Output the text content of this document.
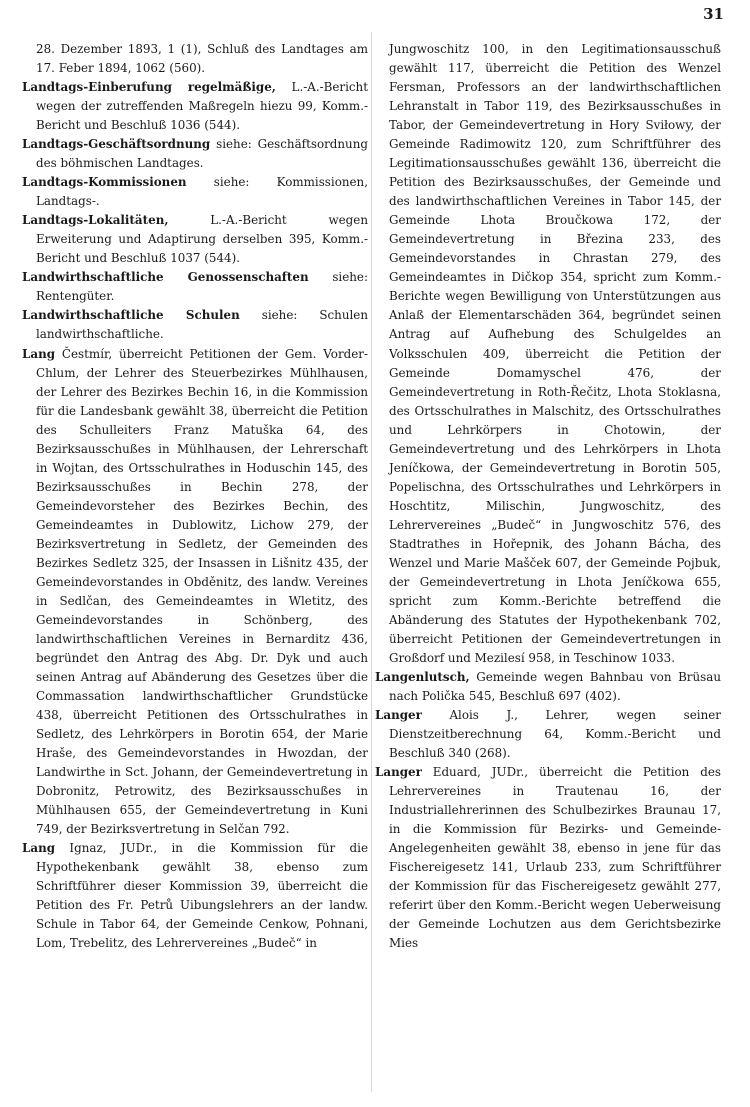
31

28. Dezember 1893, 1 (1), Schluß des Landtages am 17. Feber 1894, 1062 (560).

Landtags-Einberufung regelmäßige, L.-A.-Bericht wegen der zutreffenden Maßregeln hiezu 99, Komm.-Bericht und Beschluß 1036 (544).

Landtags-Geschäftsordnung siehe: Geschäftsordnung des böhmischen Landtages.

Landtags-Kommissionen siehe: Kommissionen, Landtags-.

Landtags-Lokalitäten, L.-A.-Bericht wegen Erweiterung und Adaptirung derselben 395, Komm.-Bericht und Beschluß 1037 (544).

Landwirthschaftliche Genossenschaften siehe: Rentengüter.

Landwirthschaftliche Schulen siehe: Schulen landwirthschaftliche.

Lang Čestmír, überreicht Petitionen der Gem. Vorder-Chlum, der Lehrer des Steuerbezirkes Mühlhausen, der Lehrer des Bezirkes Bechin 16, in die Kommission für die Landesbank gewählt 38, überreicht die Petition des Schulleiters Franz Matuška 64, des Bezirksausschußes in Mühlhausen, der Lehrerschaft in Wojtan, des Ortsschulrathes in Hoduschin 145, des Bezirksausschußes in Bechin 278, der Gemeindevorsteher des Bezirkes Bechin, des Gemeindeamtes in Dublowitz, Lichow 279, der Bezirksvertretung in Sedletz, der Gemeinden des Bezirkes Sedletz 325, der Insassen in Lišnitz 435, der Gemeindevorstandes in Obděnitz, des landw. Vereines in Sedlčan, des Gemeindeamtes in Wletitz, des Gemeindevorstandes in Schönberg, des landwirthschaftlichen Vereines in Bernarditz 436, begründet den Antrag des Abg. Dr. Dyk und auch seinen Antrag auf Abänderung des Gesetzes über die Commassation landwirthschaftlicher Grundstücke 438, überreicht Petitionen des Ortsschulrathes in Sedletz, des Lehrkörpers in Borotin 654, der Marie Hraše, des Gemeindevorstandes in Hwozdan, der Landwirthe in Sct. Johann, der Gemeindevertretung in Dobronitz, Petrowitz, des Bezirksausschußes in Mühlhausen 655, der Gemeindevertretung in Kuni 749, der Bezirksvertretung in Selčan 792.

Lang Ignaz, JUDr., in die Kommission für die Hypothekenbank gewählt 38, ebenso zum Schriftführer dieser Kommission 39, überreicht die Petition des Fr. Petrů Uibungslehrers an der landw. Schule in Tabor 64, der Gemeinde Cenkow, Pohnani, Lom, Trebelitz, des Lehrervereines „Budeč“ in

Jungwoschitz 100, in den Legitimationsausschuß gewählt 117, überreicht die Petition des Wenzel Fersman, Professors an der landwirthschaftlichen Lehranstalt in Tabor 119, des Bezirksausschußes in Tabor, der Gemeindevertretung in Hory Sviłowy, der Gemeinde Radimowitz 120, zum Schriftführer des Legitimationsausschußes gewählt 136, überreicht die Petition des Bezirksausschußes, der Gemeinde und des landwirthschaftlichen Vereines in Tabor 145, der Gemeinde Lhota Broučkowa 172, der Gemeindevertretung in Březina 233, des Gemeindevorstandes in Chrastan 279, des Gemeindeamtes in Dičkop 354, spricht zum Komm.-Berichte wegen Bewilligung von Unterstützungen aus Anlaß der Elementarschäden 364, begründet seinen Antrag auf Aufhebung des Schulgeldes an Volksschulen 409, überreicht die Petition der Gemeinde Domamyschel 476, der Gemeindevertretung in Roth-Řečitz, Lhota Stoklasna, des Ortsschulrathes in Malschitz, des Ortsschulrathes und Lehrkörpers in Chotowin, der Gemeindevertretung und des Lehrkörpers in Lhota Jeníčkowa, der Gemeindevertretung in Borotin 505, Popelischna, des Ortsschulrathes und Lehrkörpers in Hoschtitz, Milischin, Jungwoschitz, des Lehrervereines „Budeč“ in Jungwoschitz 576, des Stadtrathes in Hořepnik, des Johann Bácha, des Wenzel und Marie Mašček 607, der Gemeinde Pojbuk, der Gemeindevertretung in Lhota Jeníčkowa 655, spricht zum Komm.-Berichte betreffend die Abänderung des Statutes der Hypothekenbank 702, überreicht Petitionen der Gemeindevertretungen in Großdorf und Mezilesí 958, in Teschinow 1033.

Langenlutsch, Gemeinde wegen Bahnbau von Brüsau nach Polička 545, Beschluß 697 (402).

Langer Alois J., Lehrer, wegen seiner Dienstzeitberechnung 64, Komm.-Bericht und Beschluß 340 (268).

Langer Eduard, JUDr., überreicht die Petition des Lehrervereines in Trautenau 16, der Industriallehrerinnen des Schulbezirkes Braunau 17, in die Kommission für Bezirks- und Gemeinde-Angelegenheiten gewählt 38, ebenso in jene für das Fischereigesetz 141, Urlaub 233, zum Schriftführer der Kommission für das Fischereigesetz gewählt 277, referirt über den Komm.-Bericht wegen Ueberweisung der Gemeinde Lochutzen aus dem Gerichtsbezirke Mies
